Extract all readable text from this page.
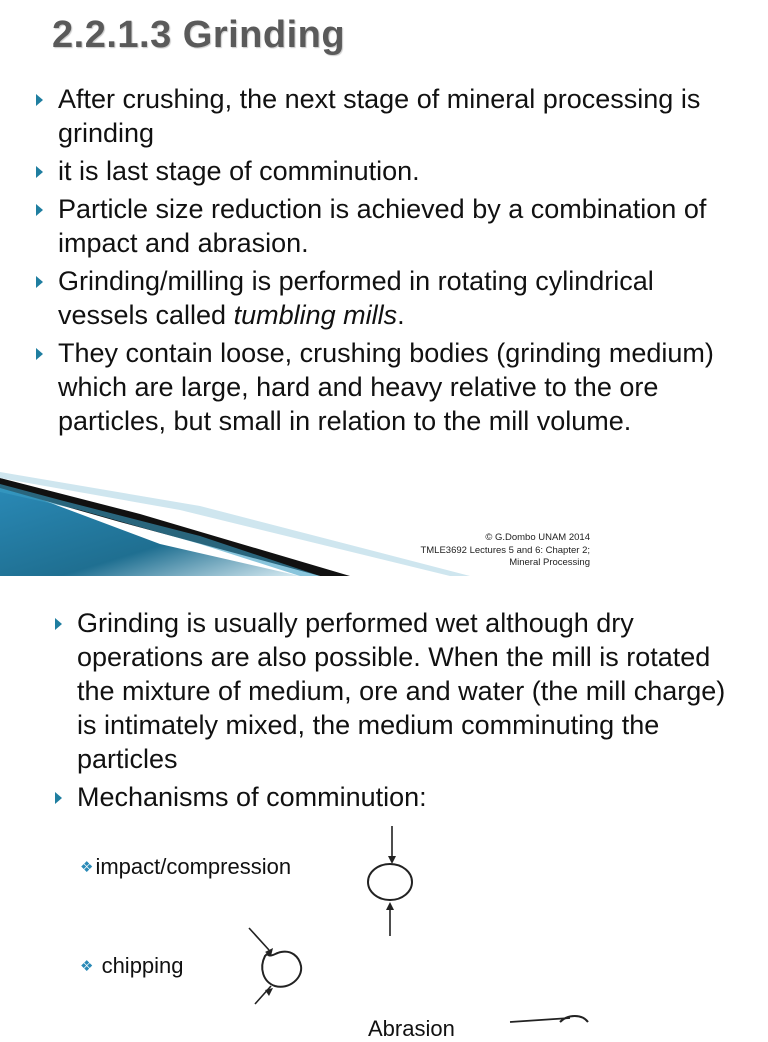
2.2.1.3 Grinding
After crushing, the next stage of mineral processing is grinding
it is last stage of comminution.
Particle size reduction is achieved by a combination of impact and abrasion.
Grinding/milling is performed in rotating cylindrical vessels called tumbling mills.
They contain loose, crushing bodies (grinding medium) which are large, hard and heavy relative to the ore particles, but small in relation to the mill volume.
© G.Dombo UNAM 2014
TMLE3692 Lectures 5 and 6: Chapter 2;
Mineral Processing
Grinding is usually performed wet although dry operations are also possible. When the mill is rotated the mixture of medium, ore and water (the mill charge) is intimately mixed, the medium comminuting the particles
Mechanisms of comminution:
❖impact/compression
❖ chipping
Abrasion
